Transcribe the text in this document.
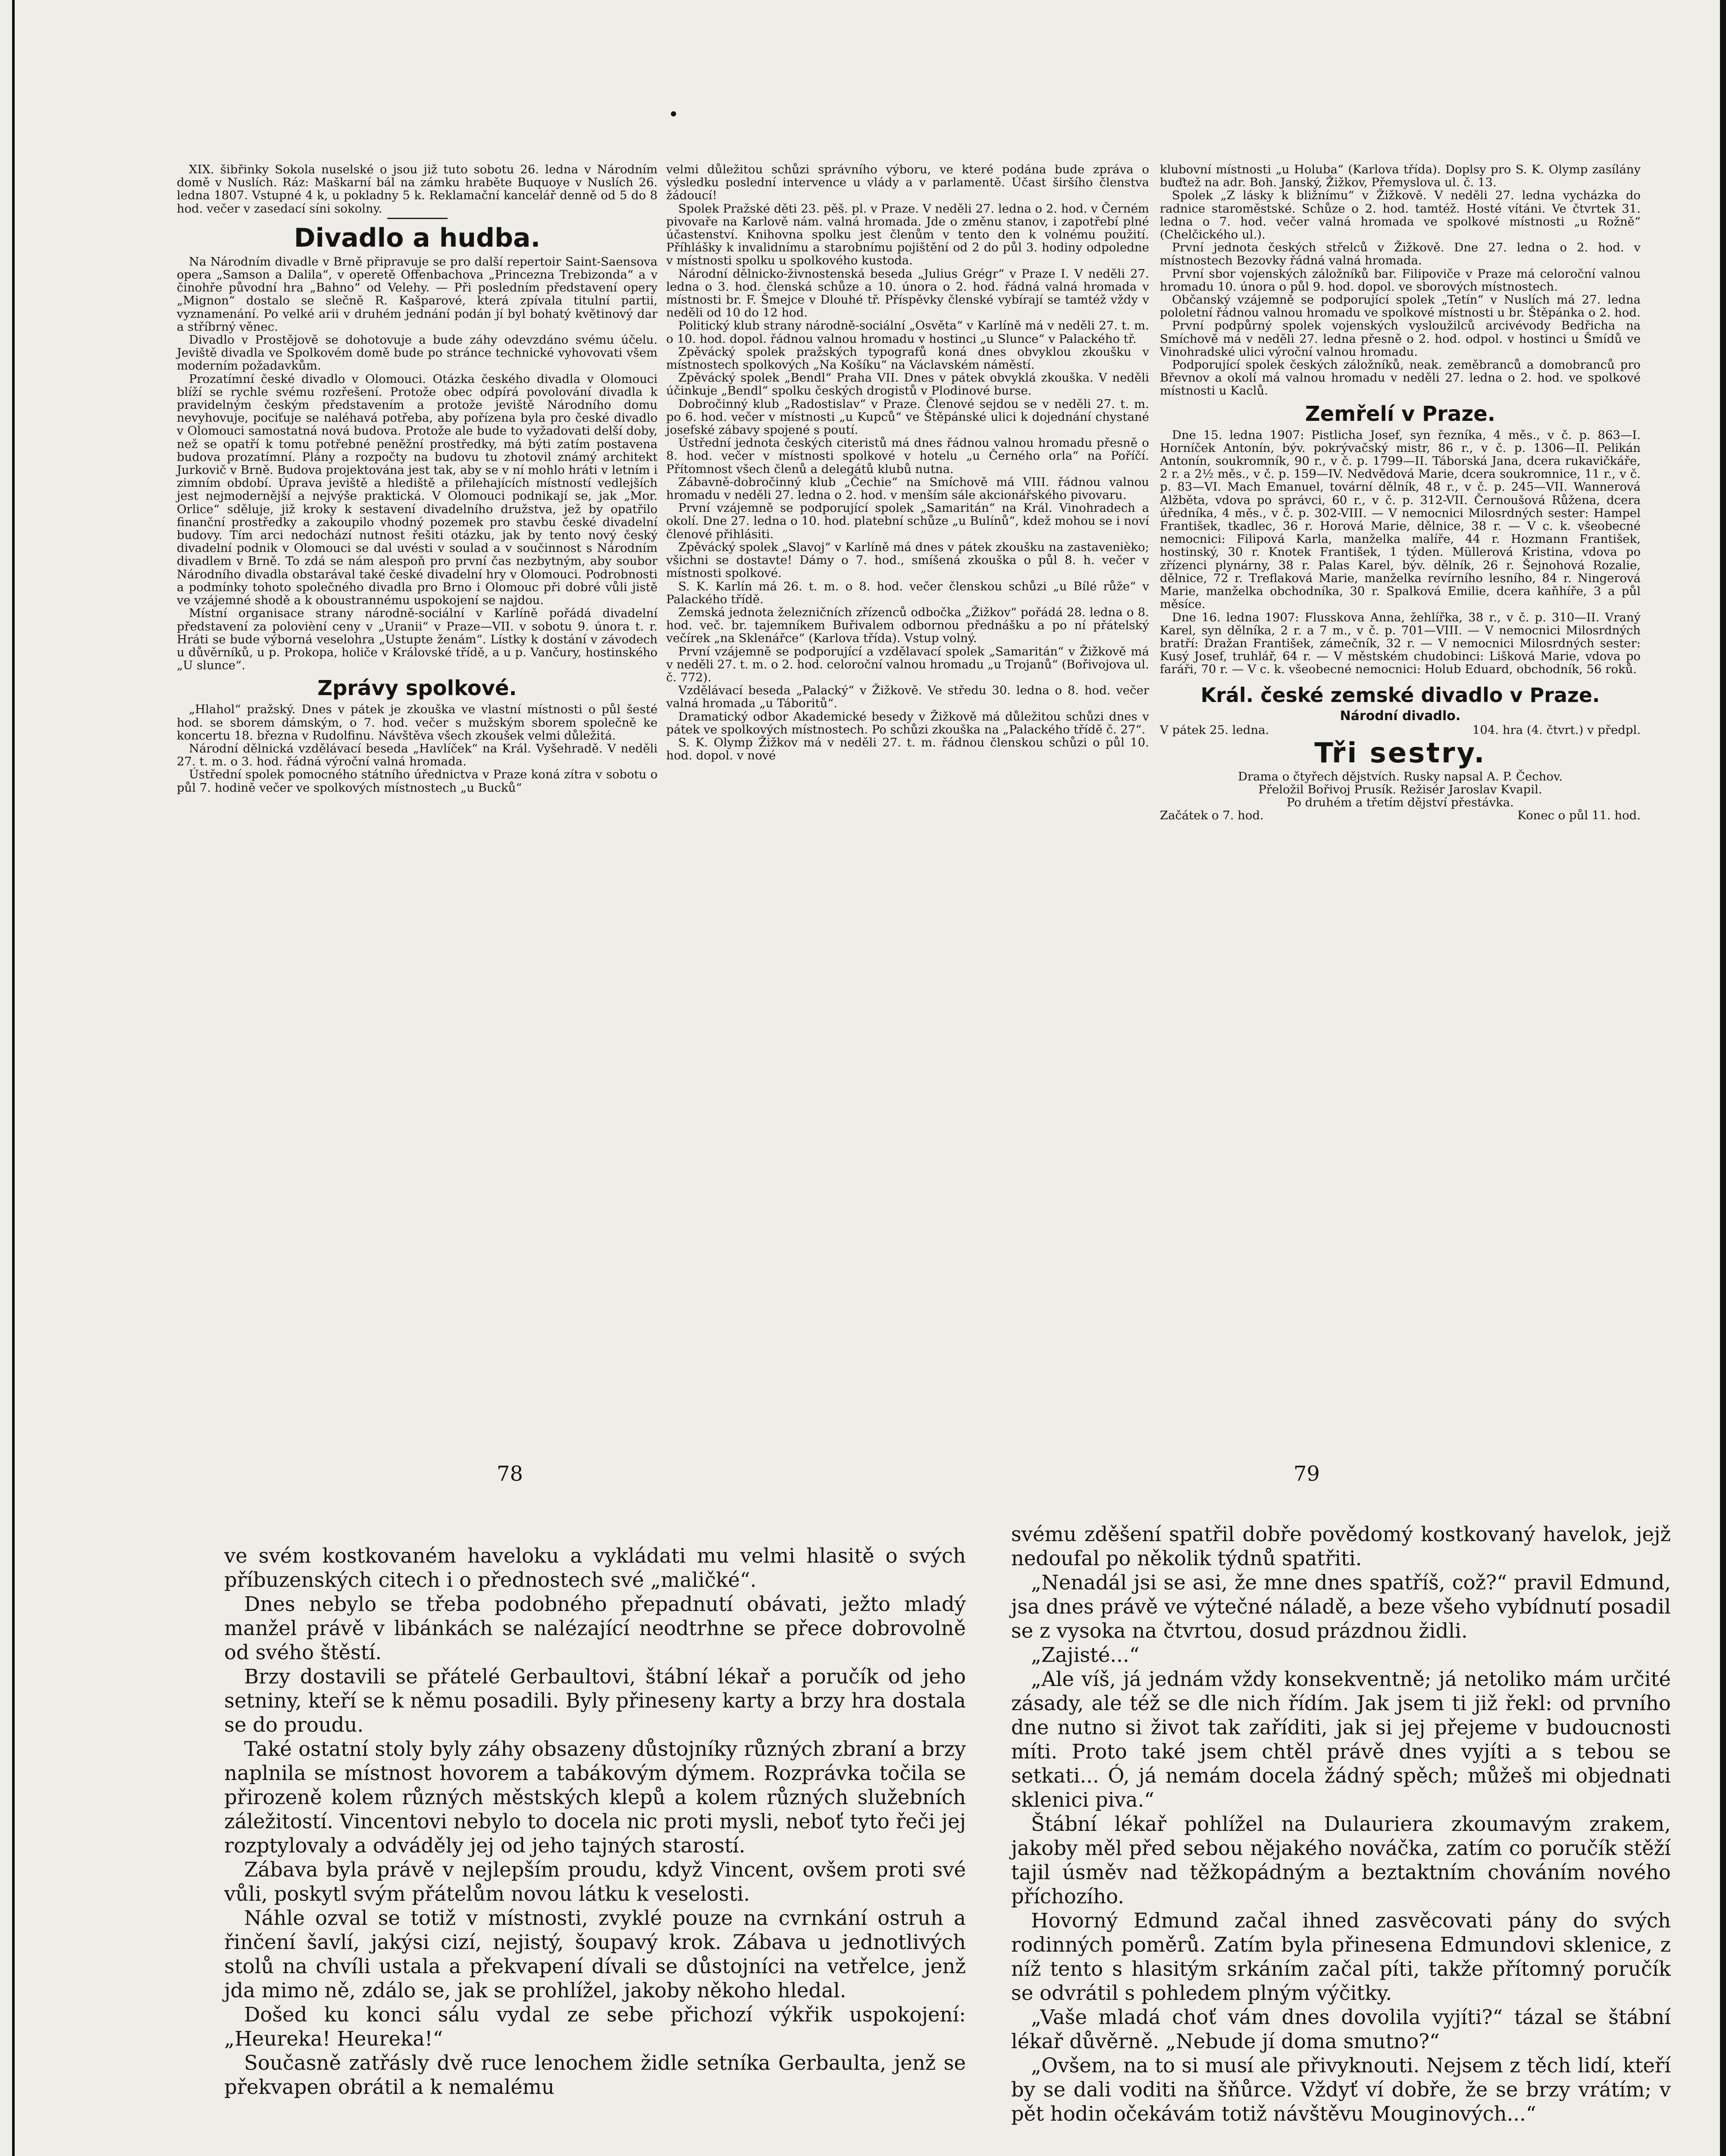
XIX. šibřinky Sokola nuselské o jsou již tuto sobotu 26. ledna v Národním domě v Nuslích. Ráz: Maškarní bál na zámku hraběte Buquoye v Nuslích 26. ledna 1807. Vstupné 4 k, u pokladny 5 k. Reklamační kancelář denně od 5 do 8 hod. večer v zasedací síni sokolny.

Divadlo a hudba.

Na Národním divadle v Brně připravuje se pro další repertoir Saint-Saensova opera „Samson a Dalila“, v operetě Offenbachova „Princezna Trebizonda“ a v činohře původní hra „Bahno“ od Velehy. — Při posledním představení opery „Mignon“ dostalo se slečně R. Kašparové, která zpívala titulní partii, vyznamenání. Po velké arii v druhém jednání podán jí byl bohatý květinový dar a stříbrný věnec.

Divadlo v Prostějově se dohotovuje a bude záhy odevzdáno svému účelu. Jeviště divadla ve Spolkovém domě bude po stránce technické vyhovovati všem moderním požadavkům.

Prozatímní české divadlo v Olomouci. Otázka českého divadla v Olomouci blíží se rychle svému rozřešení. Protože obec odpírá povolování divadla k pravidelným českým představením a protože jeviště Národního domu nevyhovuje, pociťuje se naléhavá potřeba, aby pořízena byla pro české divadlo v Olomouci samostatná nová budova. Protože ale bude to vyžadovati delší doby, než se opatří k tomu potřebné peněžní prostředky, má býti zatím postavena budova prozatímní. Plány a rozpočty na budovu tu zhotovil známý architekt Jurkovič v Brně. Budova projektována jest tak, aby se v ní mohlo hráti v letním i zimním období. Úprava jeviště a hlediště a přilehajících místností vedlejších jest nejmodernější a nejvýše praktická. V Olomouci podnikají se, jak „Mor. Orlice“ sděluje, již kroky k sestavení divadelního družstva, jež by opatřilo finanční prostředky a zakoupilo vhodný pozemek pro stavbu české divadelní budovy. Tím arci nedochází nutnost řešiti otázku, jak by tento nový český divadelní podnik v Olomouci se dal uvésti v soulad a v součinnost s Národním divadlem v Brně. To zdá se nám alespoň pro první čas nezbytným, aby soubor Národního divadla obstarával také české divadelní hry v Olomouci. Podrobnosti a podmínky tohoto společného divadla pro Brno i Olomouc při dobré vůli jistě ve vzájemné shodě a k oboustrannému uspokojení se najdou.

Místní organisace strany národně-sociální v Karlíně pořádá divadelní představení za polovièní ceny v „Uranii“ v Praze—VII. v sobotu 9. února t. r. Hráti se bude výborná veselohra „Ustupte ženám“. Lístky k dostání v závodech u důvěrníků, u p. Prokopa, holiče v Královské třídě, a u p. Vančury, hostinského „U slunce“.

Zprávy spolkové.

„Hlahol“ pražský. Dnes v pátek je zkouška ve vlastní místnosti o půl šesté hod. se sborem dámským, o 7. hod. večer s mužským sborem společně ke koncertu 18. března v Rudolfinu. Návštěva všech zkoušek velmi důležitá.

Národní dělnická vzdělávací beseda „Havlíček“ na Král. Vyšehradě. V neděli 27. t. m. o 3. hod. řádná výroční valná hromada.

Ústřední spolek pomocného státního úřednictva v Praze koná zítra v sobotu o půl 7. hodině večer ve spolkových místnostech „u Bucků“

velmi důležitou schůzi správního výboru, ve které podána bude zpráva o výsledku poslední intervence u vlády a v parlamentě. Účast širšího členstva žádoucí!

Spolek Pražské děti 23. pěš. pl. v Praze. V neděli 27. ledna o 2. hod. v Černém pivovaře na Karlově nám. valná hromada. Jde o změnu stanov, i zapotřebí plné účastenství. Knihovna spolku jest členům v tento den k volnému použití. Příhlášky k invalidnímu a starobnímu pojištění od 2 do půl 3. hodiny odpoledne v místnosti spolku u spolkového kustoda.

Národní dělnicko-živnostenská beseda „Julius Grégr“ v Praze I. V neděli 27. ledna o 3. hod. členská schůze a 10. února o 2. hod. řádná valná hromada v místnosti br. F. Šmejce v Dlouhé tř. Příspěvky členské vybírají se tamtéž vždy v neděli od 10 do 12 hod.

Politický klub strany národně-sociální „Osvěta“ v Karlíně má v neděli 27. t. m. o 10. hod. dopol. řádnou valnou hromadu v hostinci „u Slunce“ v Palackého tř.

Zpěvácký spolek pražských typografů koná dnes obvyklou zkoušku v místnostech spolkových „Na Košíku“ na Václavském náměstí.

Zpěvácký spolek „Bendl“ Praha VII. Dnes v pátek obvyklá zkouška. V neděli účinkuje „Bendl“ spolku českých drogistů v Plodinové burse.

Dobročinný klub „Radostislav“ v Praze. Členové sejdou se v neděli 27. t. m. po 6. hod. večer v místnosti „u Kupců“ ve Štěpánské ulici k dojednání chystané josefské zábavy spojené s poutí.

Ústřední jednota českých citeristů má dnes řádnou valnou hromadu přesně o 8. hod. večer v místnosti spolkové v hotelu „u Černého orla“ na Poříčí. Přítomnost všech členů a delegátů klubů nutna.

Zábavně-dobročinný klub „Čechie“ na Smíchově má VIII. řádnou valnou hromadu v neděli 27. ledna o 2. hod. v menším sále akcionářského pivovaru.

První vzájemně se podporující spolek „Samaritán“ na Král. Vinohradech a okolí. Dne 27. ledna o 10. hod. platební schůze „u Bulínů“, kdež mohou se i noví členové přihlásiti.

Zpěvácký spolek „Slavoj“ v Karlíně má dnes v pátek zkoušku na zastavenièko; všichni se dostavte! Dámy o 7. hod., smíšená zkouška o půl 8. h. večer v místnosti spolkové.

S. K. Karlín má 26. t. m. o 8. hod. večer členskou schůzi „u Bílé růže“ v Palackého třídě.

Zemská jednota železničních zřízenců odbočka „Žižkov“ pořádá 28. ledna o 8. hod. več. br. tajemníkem Buřivalem odbornou přednášku a po ní přátelský večírek „na Sklenářce“ (Karlova třída). Vstup volný.

První vzájemně se podporující a vzdělavací spolek „Samaritán“ v Žižkově má v neděli 27. t. m. o 2. hod. celoroční valnou hromadu „u Trojanů“ (Bořivojova ul. č. 772).

Vzdělávací beseda „Palacký“ v Žižkově. Ve středu 30. ledna o 8. hod. večer valná hromada „u Táboritů“.

Dramatický odbor Akademické besedy v Žižkově má důležitou schůzi dnes v pátek ve spolkových místnostech. Po schůzi zkouška na „Palackého třídě č. 27“.

S. K. Olymp Žižkov má v neděli 27. t. m. řádnou členskou schůzi o půl 10. hod. dopol. v nové

klubovní místnosti „u Holuba“ (Karlova třída). Doplsy pro S. K. Olymp zasílány buďtež na adr. Boh. Janský, Žižkov, Přemyslova ul. č. 13.

Spolek „Z lásky k bližnímu“ v Žižkově. V neděli 27. ledna vycházka do radnice staroměstské. Schůze o 2. hod. tamtéž. Hosté vítáni. Ve čtvrtek 31. ledna o 7. hod. večer valná hromada ve spolkové místnosti „u Rožně“ (Chelčického ul.).

První jednota českých střelců v Žižkově. Dne 27. ledna o 2. hod. v místnostech Bezovky řádná valná hromada.

První sbor vojenských záložníků bar. Filipoviče v Praze má celoroční valnou hromadu 10. února o půl 9. hod. dopol. ve sborových místnostech.

Občanský vzájemně se podporující spolek „Tetín“ v Nuslích má 27. ledna pololetní řádnou valnou hromadu ve spolkové místnosti u br. Štěpánka o 2. hod.

První podpůrný spolek vojenských vysloužilců arcivévody Bedřicha na Smíchově má v neděli 27. ledna přesně o 2. hod. odpol. v hostinci u Šmídů ve Vinohradské ulici výroční valnou hromadu.

Podporující spolek českých záložníků, neak. zeměbranců a domobranců pro Břevnov a okolí má valnou hromadu v neděli 27. ledna o 2. hod. ve spolkové místnosti u Kaclů.

Zemřelí v Praze.

Dne 15. ledna 1907: Pistlicha Josef, syn řezníka, 4 měs., v č. p. 863—I. Horníček Antonín, býv. pokrývačský mistr, 86 r., v č. p. 1306—II. Pelikán Antonín, soukromník, 90 r., v č. p. 1799—II. Táborská Jana, dcera rukavičkáře, 2 r. a 2½ měs., v č. p. 159—IV. Nedvědová Marie, dcera soukromnice, 11 r., v č. p. 83—VI. Mach Emanuel, tovární dělník, 48 r., v č. p. 245—VII. Wannerová Alžběta, vdova po správci, 60 r., v č. p. 312-VII. Černoušová Růžena, dcera úředníka, 4 měs., v č. p. 302-VIII. — V nemocnici Milosrdných sester: Hampel František, tkadlec, 36 r. Horová Marie, dělnice, 38 r. — V c. k. všeobecné nemocnici: Filipová Karla, manželka malíře, 44 r. Hozmann František, hostinský, 30 r. Knotek František, 1 týden. Müllerová Kristina, vdova po zřízenci plynárny, 38 r. Palas Karel, býv. dělník, 26 r. Šejnohová Rozalie, dělnice, 72 r. Treflaková Marie, manželka revírního lesního, 84 r. Ningerová Marie, manželka obchodníka, 30 r. Spalková Emilie, dcera kaňhíře, 3 a půl měsíce.

Dne 16. ledna 1907: Flusskova Anna, žehlířka, 38 r., v č. p. 310—II. Vraný Karel, syn dělníka, 2 r. a 7 m., v č. p. 701—VIII. — V nemocnici Milosrdných bratří: Dražan František, zámečník, 32 r. — V nemocnici Milosrdných sester: Kusý Josef, truhlář, 64 r. — V městském chudobinci: Lišková Marie, vdova po faráři, 70 r. — V c. k. všeobecné nemocnici: Holub Eduard, obchodník, 56 roků.

Král. české zemské divadlo v Praze.
Národní divadlo.
V pátek 25. ledna.	104. hra (4. čtvrt.) v předpl.
Tři sestry.

Drama o čtyřech dějstvích. Rusky napsal A. P. Čechov.

Přeložil Bořivoj Prusík. Režisér Jaroslav Kvapil.

Po druhém a třetím dějství přestávka.

Začátek o 7. hod.	Konec o půl 11. hod.
78	79

ve svém kostkovaném haveloku a vykládati mu velmi hlasitě o svých příbuzenských citech i o přednostech své „maličké“.

Dnes nebylo se třeba podobného přepadnutí obávati, ježto mladý manžel právě v libánkách se nalézající neodtrhne se přece dobrovolně od svého štěstí.

Brzy dostavili se přátelé Gerbaultovi, štábní lékař a poručík od jeho setniny, kteří se k němu posadili. Byly přineseny karty a brzy hra dostala se do proudu.

Také ostatní stoly byly záhy obsazeny důstojníky různých zbraní a brzy naplnila se místnost hovorem a tabákovým dýmem. Rozprávka točila se přirozeně kolem různých městských klepů a kolem různých služebních záležitostí. Vincentovi nebylo to docela nic proti mysli, neboť tyto řeči jej rozptylovaly a odváděly jej od jeho tajných starostí.

Zábava byla právě v nejlepším proudu, když Vincent, ovšem proti své vůli, poskytl svým přátelům novou látku k veselosti.

Náhle ozval se totiž v místnosti, zvyklé pouze na cvrnkání ostruh a řinčení šavlí, jakýsi cizí, nejistý, šoupavý krok. Zábava u jednotlivých stolů na chvíli ustala a překvapení dívali se důstojníci na vetřelce, jenž jda mimo ně, zdálo se, jak se prohlížel, jakoby někoho hledal.

Došed ku konci sálu vydal ze sebe přichozí výkřik uspokojení: „Heureka! Heureka!“

Současně zatřásly dvě ruce lenochem židle setníka Gerbaulta, jenž se překvapen obrátil a k nemalému

svému zděšení spatřil dobře povědomý kostkovaný havelok, jejž nedoufal po několik týdnů spatřiti.

„Nenadál jsi se asi, že mne dnes spatříš, což?“ pravil Edmund, jsa dnes právě ve výtečné náladě, a beze všeho vybídnutí posadil se z vysoka na čtvrtou, dosud prázdnou židli.

„Zajisté...“

„Ale víš, já jednám vždy konsekventně; já netoliko mám určité zásady, ale též se dle nich řídím. Jak jsem ti již řekl: od prvního dne nutno si život tak zaříditi, jak si jej přejeme v budoucnosti míti. Proto také jsem chtěl právě dnes vyjíti a s tebou se setkati... Ó, já nemám docela žádný spěch; můžeš mi objednati sklenici piva.“

Štábní lékař pohlížel na Dulauriera zkoumavým zrakem, jakoby měl před sebou nějakého nováčka, zatím co poručík stěží tajil úsměv nad těžkopádným a beztaktním chováním nového příchozího.

Hovorný Edmund začal ihned zasvěcovati pány do svých rodinných poměrů. Zatím byla přinesena Edmundovi sklenice, z níž tento s hlasitým srkáním začal píti, takže přítomný poručík se odvrátil s pohledem plným výčitky.

„Vaše mladá choť vám dnes dovolila vyjíti?“ tázal se štábní lékař důvěrně. „Nebude jí doma smutno?“

„Ovšem, na to si musí ale přivyknouti. Nejsem z těch lidí, kteří by se dali voditi na šňůrce. Vždyť ví dobře, že se brzy vrátím; v pět hodin očekávám totiž návštěvu Mouginových...“
